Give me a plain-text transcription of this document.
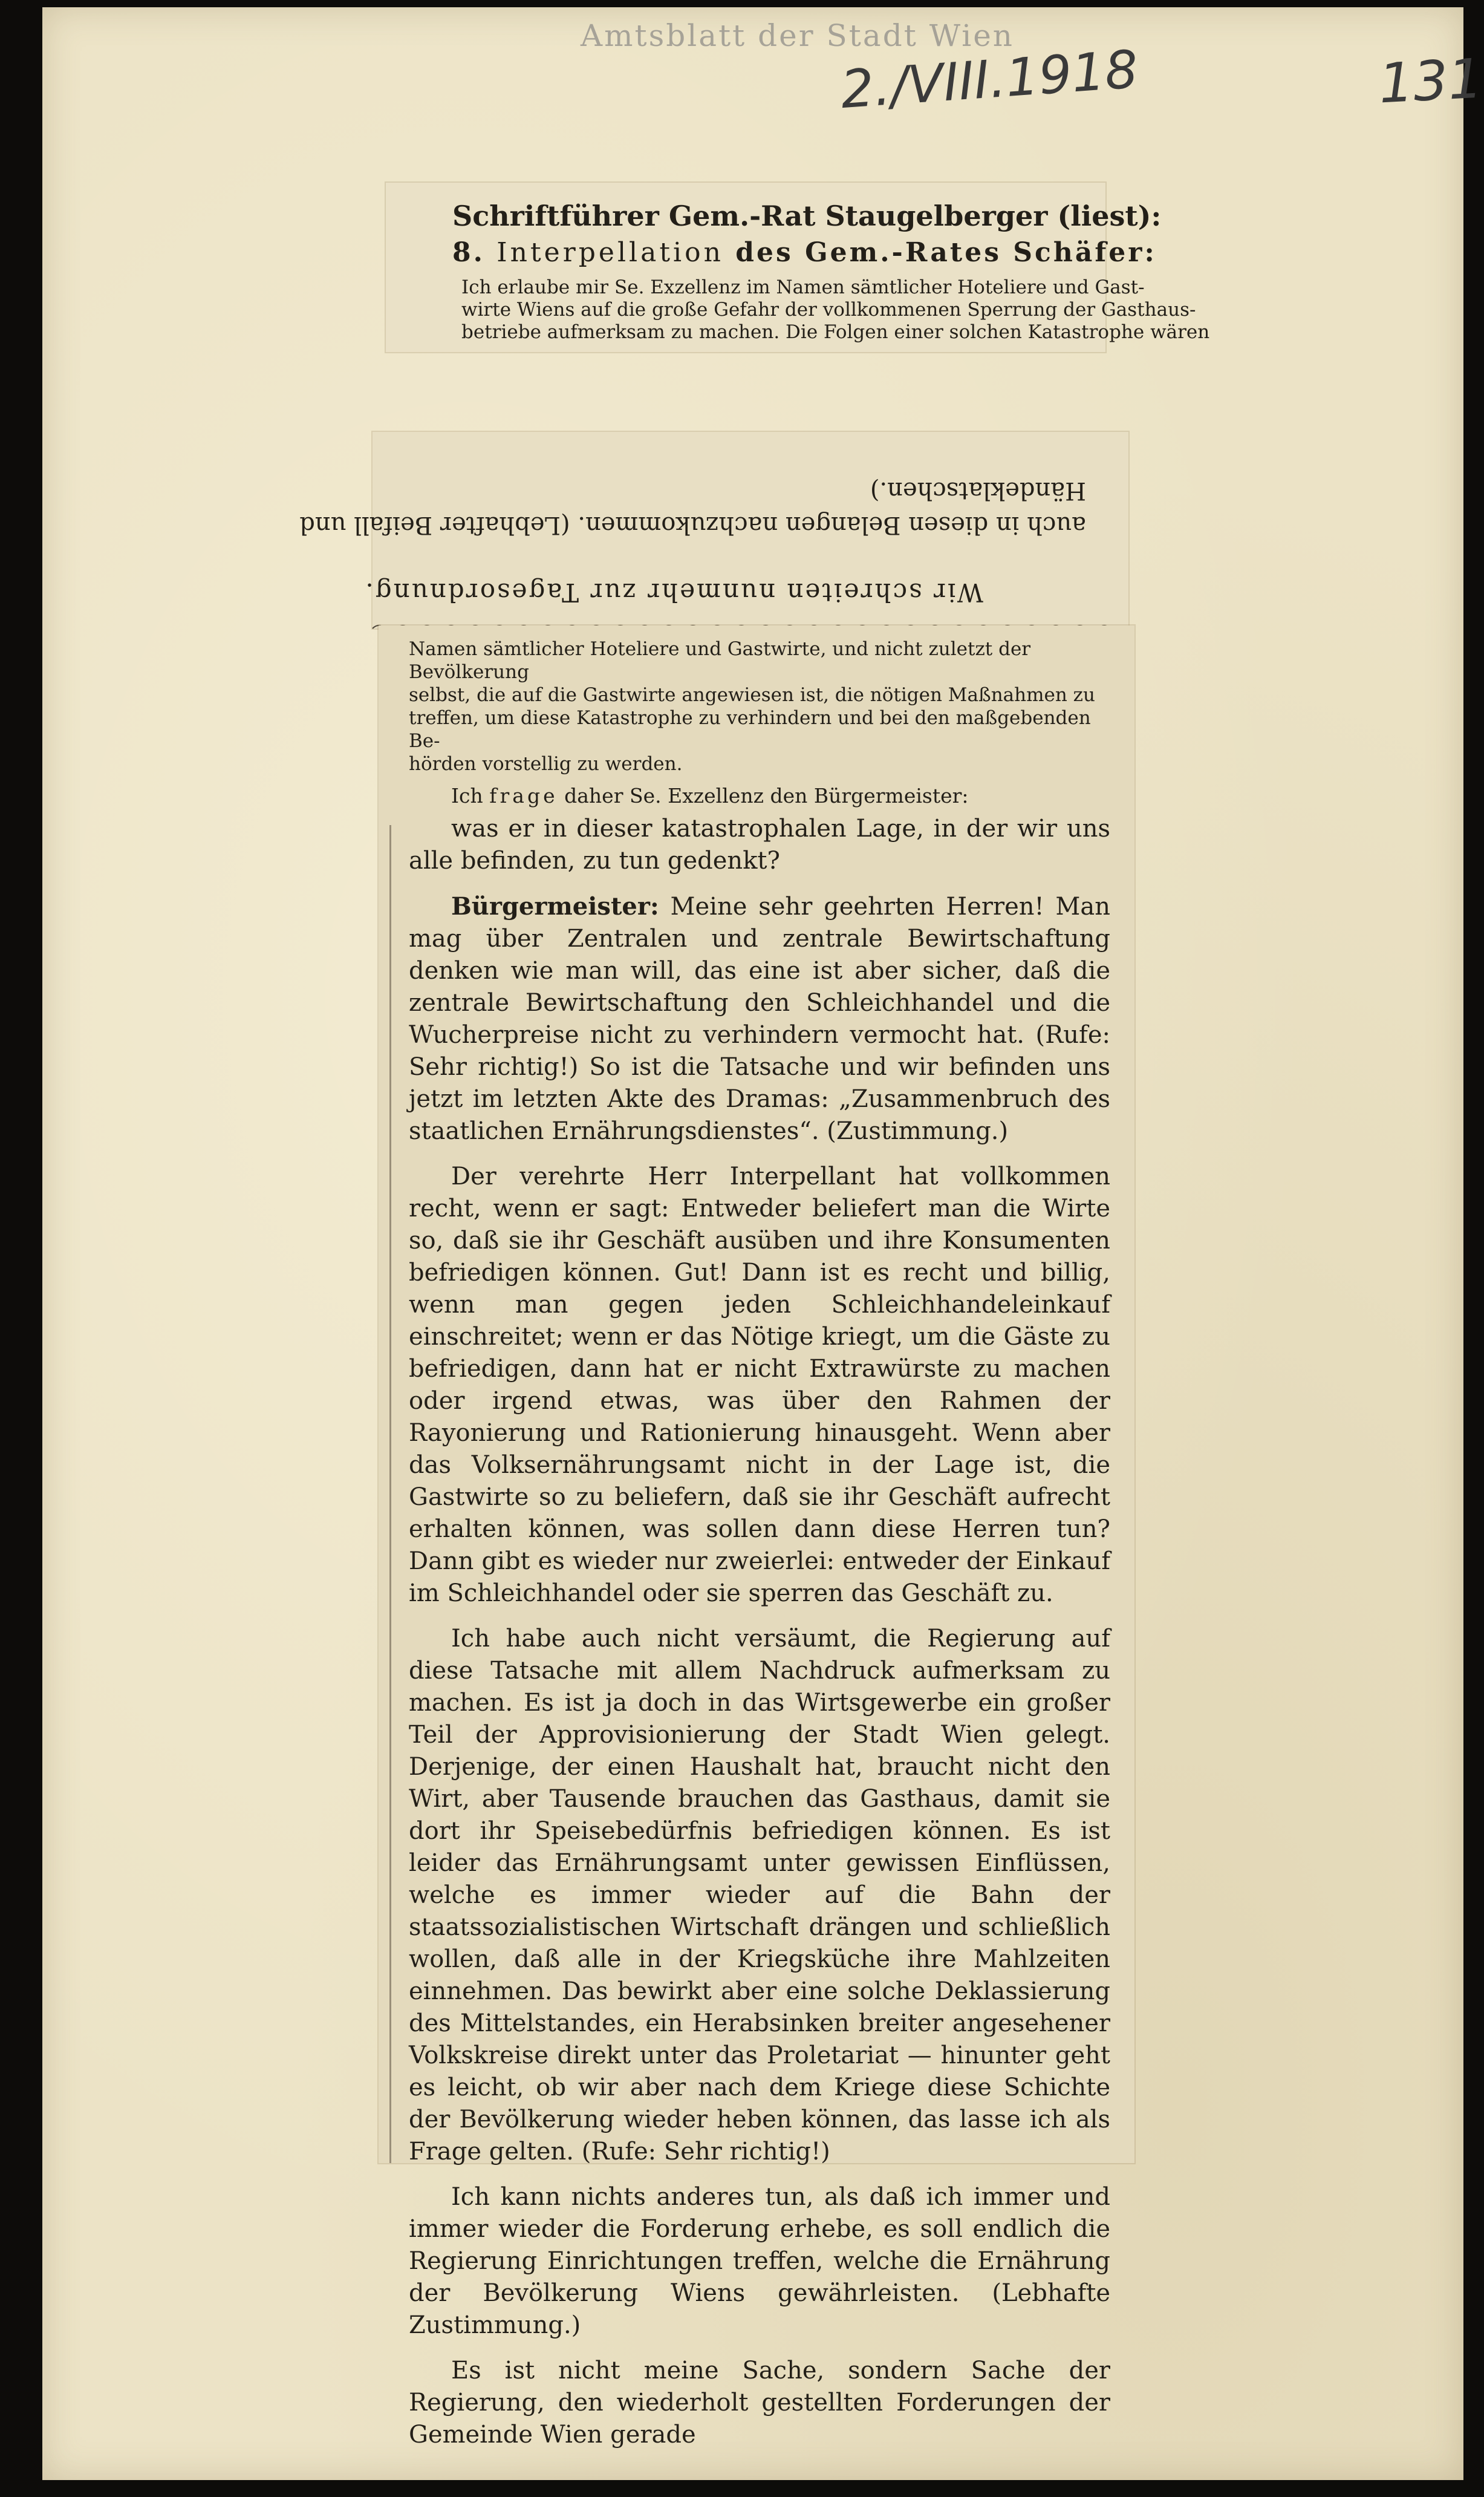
Amtsblatt der Stadt Wien
2./VIII.1918	131
Schriftführer Gem.-Rat Staugelberger (liest):
8. Interpellation des Gem.-Rates Schäfer:
Ich erlaube mir Se. Exzellenz im Namen sämtlicher Hoteliere und Gast-
wirte Wiens auf die große Gefahr der vollkommenen Sperrung der Gasthaus-
betriebe aufmerksam zu machen. Die Folgen einer solchen Katastrophe wären
auch in diesen Belangen nachzukommen. (Lebhafter Beifall und
Händeklatschen.)
Wir schreiten nunmehr zur Tagesordnung.
Namen sämtlicher Hoteliere und Gastwirte, und nicht zuletzt der Bevölkerung
selbst, die auf die Gastwirte angewiesen ist, die nötigen Maßnahmen zu
treffen, um diese Katastrophe zu verhindern und bei den maßgebenden Be-
hörden vorstellig zu werden.
Ich frage daher Se. Exzellenz den Bürgermeister:

was er in dieser katastrophalen Lage, in der wir uns alle befinden, zu tun gedenkt?

Bürgermeister: Meine sehr geehrten Herren! Man mag über Zentralen und zentrale Bewirtschaftung denken wie man will, das eine ist aber sicher, daß die zentrale Bewirtschaftung den Schleichhandel und die Wucherpreise nicht zu verhindern vermocht hat. (Rufe: Sehr richtig!) So ist die Tatsache und wir befinden uns jetzt im letzten Akte des Dramas: „Zusammenbruch des staatlichen Ernährungsdienstes“. (Zustimmung.)

Der verehrte Herr Interpellant hat vollkommen recht, wenn er sagt: Entweder beliefert man die Wirte so, daß sie ihr Geschäft ausüben und ihre Konsumenten befriedigen können. Gut! Dann ist es recht und billig, wenn man gegen jeden Schleichhandeleinkauf einschreitet; wenn er das Nötige kriegt, um die Gäste zu befriedigen, dann hat er nicht Extrawürste zu machen oder irgend etwas, was über den Rahmen der Rayonierung und Rationierung hinausgeht. Wenn aber das Volksernährungsamt nicht in der Lage ist, die Gastwirte so zu beliefern, daß sie ihr Geschäft aufrecht erhalten können, was sollen dann diese Herren tun? Dann gibt es wieder nur zweierlei: entweder der Einkauf im Schleichhandel oder sie sperren das Geschäft zu.

Ich habe auch nicht versäumt, die Regierung auf diese Tatsache mit allem Nachdruck aufmerksam zu machen. Es ist ja doch in das Wirtsgewerbe ein großer Teil der Approvisionierung der Stadt Wien gelegt. Derjenige, der einen Haushalt hat, braucht nicht den Wirt, aber Tausende brauchen das Gasthaus, damit sie dort ihr Speisebedürfnis befriedigen können. Es ist leider das Ernährungsamt unter gewissen Einflüssen, welche es immer wieder auf die Bahn der staatssozialistischen Wirtschaft drängen und schließlich wollen, daß alle in der Kriegsküche ihre Mahlzeiten einnehmen. Das bewirkt aber eine solche Deklassierung des Mittelstandes, ein Herabsinken breiter angesehener Volkskreise direkt unter das Proletariat — hinunter geht es leicht, ob wir aber nach dem Kriege diese Schichte der Bevölkerung wieder heben können, das lasse ich als Frage gelten. (Rufe: Sehr richtig!)

Ich kann nichts anderes tun, als daß ich immer und immer wieder die Forderung erhebe, es soll endlich die Regierung Einrichtungen treffen, welche die Ernährung der Bevölkerung Wiens gewährleisten. (Lebhafte Zustimmung.)

Es ist nicht meine Sache, sondern Sache der Regierung, den wiederholt gestellten Forderungen der Gemeinde Wien gerade
